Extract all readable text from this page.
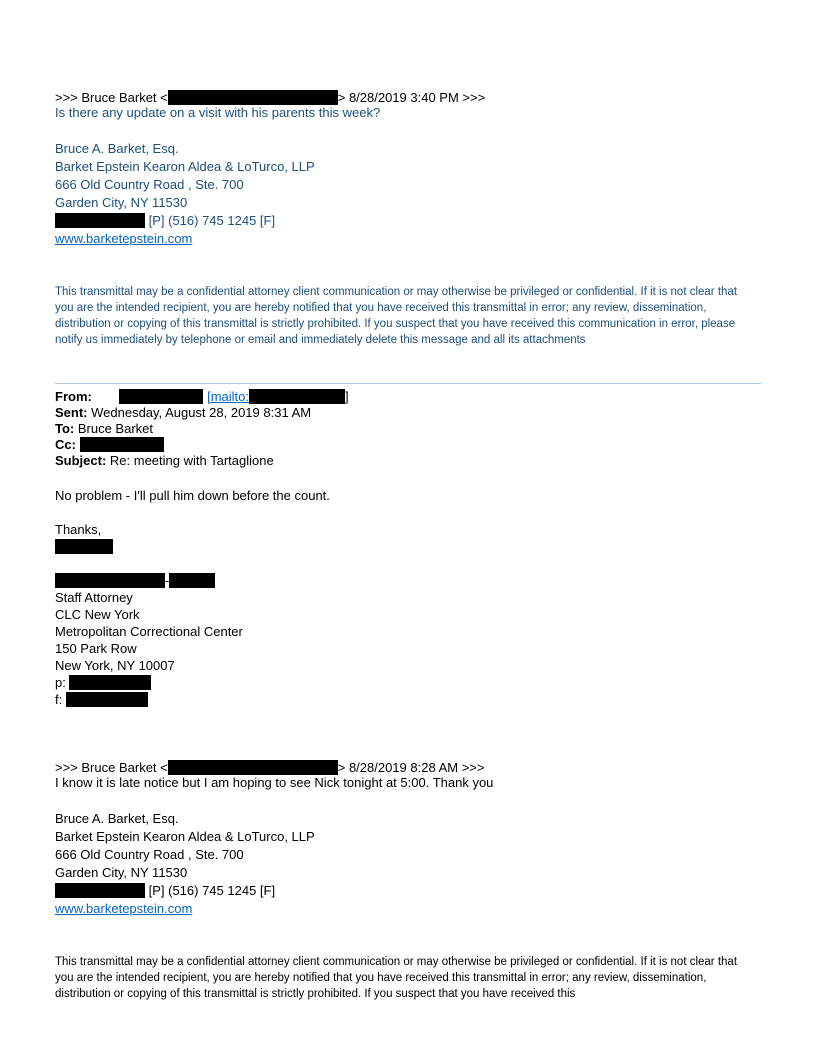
>>> Bruce Barket <	> 8/28/2019 3:40 PM >>>
Is there any update on a visit with his parents this week?
Bruce A. Barket, Esq.
Barket Epstein Kearon Aldea & LoTurco, LLP
666 Old Country Road , Ste. 700
Garden City, NY 11530
[P] (516) 745 1245 [F]
www.barketepstein.com
This transmittal may be a confidential attorney client communication or may otherwise be privileged or confidential. If it is not clear that you are the intended recipient, you are hereby notified that you have received this transmittal in error; any review, dissemination, distribution or copying of this transmittal is strictly prohibited. If you suspect that you have received this communication in error, please notify us immediately by telephone or email and immediately delete this message and all its attachments
From:	[mailto:	]
Sent: Wednesday, August 28, 2019 8:31 AM
To: Bruce Barket
Cc:
Subject: Re: meeting with Tartaglione
No problem - I'll pull him down before the count.
Thanks,
-
Staff Attorney
CLC New York
Metropolitan Correctional Center
150 Park Row
New York, NY 10007
p:
f:
>>> Bruce Barket <	> 8/28/2019 8:28 AM >>>
I know it is late notice but I am hoping to see Nick tonight at 5:00. Thank you
Bruce A. Barket, Esq.
Barket Epstein Kearon Aldea & LoTurco, LLP
666 Old Country Road , Ste. 700
Garden City, NY 11530
[P] (516) 745 1245 [F]
www.barketepstein.com
This transmittal may be a confidential attorney client communication or may otherwise be privileged or confidential. If it is not clear that you are the intended recipient, you are hereby notified that you have received this transmittal in error; any review, dissemination, distribution or copying of this transmittal is strictly prohibited. If you suspect that you have received this
